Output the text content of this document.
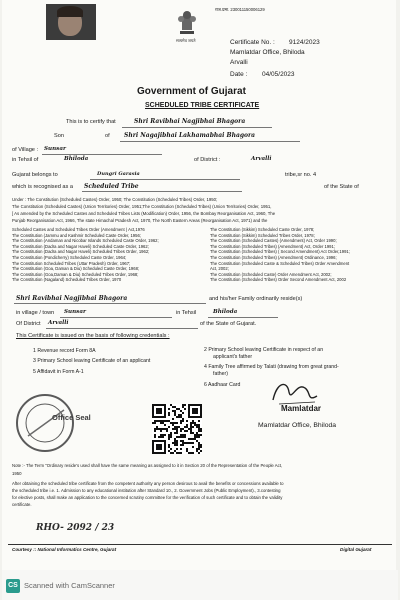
सत्यमेव जयते
राज.प्रमा. 230011150006129
Certificate No. : 9124/2023
Mamlatdar Office, Bhiloda
Arvalli
Date : 04/05/2023
Government of Gujarat
SCHEDULED TRIBE CERTIFICATE
This is to certify that	Shri Ravibhai Nagjibhai Bhagora
Son	of Shri Nagajibhai Lakhamabhai Bhagora
of Village : Sunsar
in Tehsil of	Bhiloda	of District :	Arvalli
Gujarat belongs to	Dungri Garasia	tribe,sr no. 4
which is recognised as a Scheduled Tribe	of the State of
Under : The Constitution (Scheduled Castes) Order, 1950; The Constitution (Scheduled Tribes) Order, 1950;
The Constitution (Scheduled Castes) (Union Territories) Order, 1951;The Constitution (Scheduled Tribes) (Union Territories) Order, 1951,
[ As amended by the Scheduled Castes and Scheduled Tribes Lists (Modification) Order, 1956, the Bombay Reorganisation Act, 1960, The
Punjab Reorganisation Act, 1966, The state Himachal Pradesh Act, 1970, The North Eastern Areas (Reorganisation Act, 1971) and the
Scheduled Castes and Scheduled Tribes Order (Amendment ) Act,1976
The Constitution (Jammu and Kashmir Scheduled Caste Order, 1956;
The Constitution (Andaman and Nicobar Islands Scheduled Caste Order, 1962;
The Constitution (Dadra and Nagar Haveli) Scheduled Caste Order, 1962;
The Constitution (Dadra and Nagar Haveli) Scheduled Tribes Order, 1962;
The Constitution (Pondicherry) Scheduled Caste Order, 1964;
The Constitution Scheduled Tribes (Uttar Pradesh) Order, 1967;
The Constitution (Goa, Daman & Diu) Scheduled Caste Order, 1968;
The Constitution (Goa,Daman & Diu) Scheduled Tribes Order, 1968;
The Constitution (Nagaland) Scheduled Tribes Order, 1970
The Constitution (Sikkim) Scheduled Caste Order, 1978;
The Constitution (Sikkim) Scheduled Tribes Order, 1978;
The Constitution (Scheduled Castes) (Amendment) Act, Order 1990;
The Constitution (Scheduled Tribes) (Amendment) Act, Order 1991;
The Constitution (Scheduled Tribes) ( Second Amendment) Act Order,1991;
The Constitution (Scheduled Tribes) (Amendment) Ordinance, 1996;
The Constitution (Scheduled Caste & Scheduled Tribes) Order Amendment
Act, 2002;
The Constitution (Scheduled Caste) Order Amendment Act, 2002;
The Constitution (Scheduled Tribes) Order Second Amendment Act, 2002
Shri Ravibhai Nagjibhai Bhagora	and his/her Family ordinarily reside(s)
in village / town Sunsar	in Tehsil	Bhiloda
Of District Arvalli	of the State of Gujarat.
This Certificate is issued on the basis of following credentials :
1 Revenue record Form 8A	2 Primary School leaving Certificate in respect of an
applicant's father
3 Primary School leaving Certificate of an applicant
4 Family Tree affirmed by Talati (drawing from great grand-
father)
5 Affidavit in Form A-1
6 Aadhaar Card
Office Seal
Mamlatdar
Mamlatdar Office, Bhiloda
Note :- The Term "Ordinary reside's used shall have the same meaning as assigned to it in Section 20 of the Representation of the People Act,
1950
After obtaining the scheduled tribe certificate from the competent authority any person desirous to avail the benefits or concessions available to
the scheduled tribe i.e. 1. Admission to any educational institution after Standard 10., 2. Government Jobs (Public Employment)., 3.contesting
for elective posts, shall make an application to the concerned scrutiny committee for the verification of such certificate and to obtain the validity
certificate.
RHO- 2092 / 23
Courtesy :: National Informatics Centre, Gujarat	Digital Gujarat
CS Scanned with CamScanner
